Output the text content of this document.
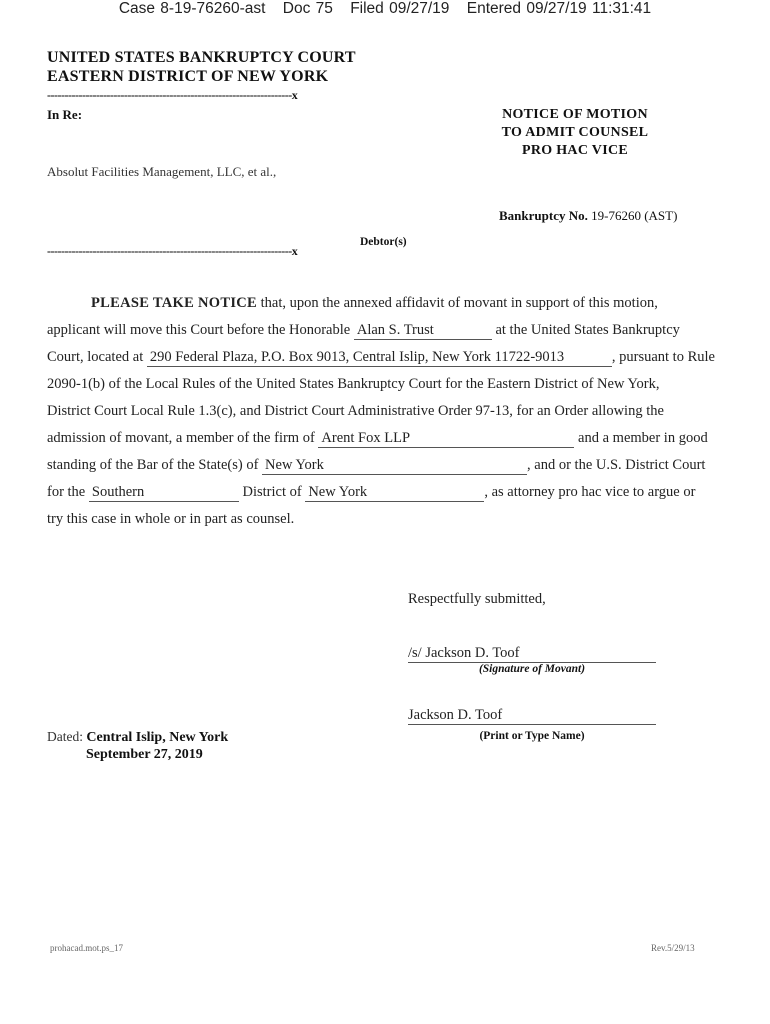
Case 8-19-76260-ast Doc 75 Filed 09/27/19 Entered 09/27/19 11:31:41
UNITED STATES BANKRUPTCY COURT
EASTERN DISTRICT OF NEW YORK
----------------------------------------------------------------------x
In Re:	NOTICE OF MOTION
TO ADMIT COUNSEL
PRO HAC VICE
Absolut Facilities Management, LLC, et al.,
Bankruptcy No. 19-76260 (AST)
Debtor(s)
----------------------------------------------------------------------x
PLEASE TAKE NOTICE that, upon the annexed affidavit of movant in support of this motion,
applicant will move this Court before the Honorable Alan S. Trust	at the United States Bankruptcy
Court, located at 290 Federal Plaza, P.O. Box 9013, Central Islip, New York 11722-9013	, pursuant to Rule
2090-1(b) of the Local Rules of the United States Bankruptcy Court for the Eastern District of New York,
District Court Local Rule 1.3(c), and District Court Administrative Order 97-13, for an Order allowing the
admission of movant, a member of the firm of Arent Fox LLP	and a member in good
standing of the Bar of the State(s) of New York	, and or the U.S. District Court
for the Southern	District of New York	, as attorney pro hac vice to argue or
try this case in whole or in part as counsel.
Respectfully submitted,
/s/ Jackson D. Toof
(Signature of Movant)
Jackson D. Toof
(Print or Type Name)
Dated: Central Islip, New York
September 27, 2019
prohacad.mot.ps_17	Rev.5/29/13
